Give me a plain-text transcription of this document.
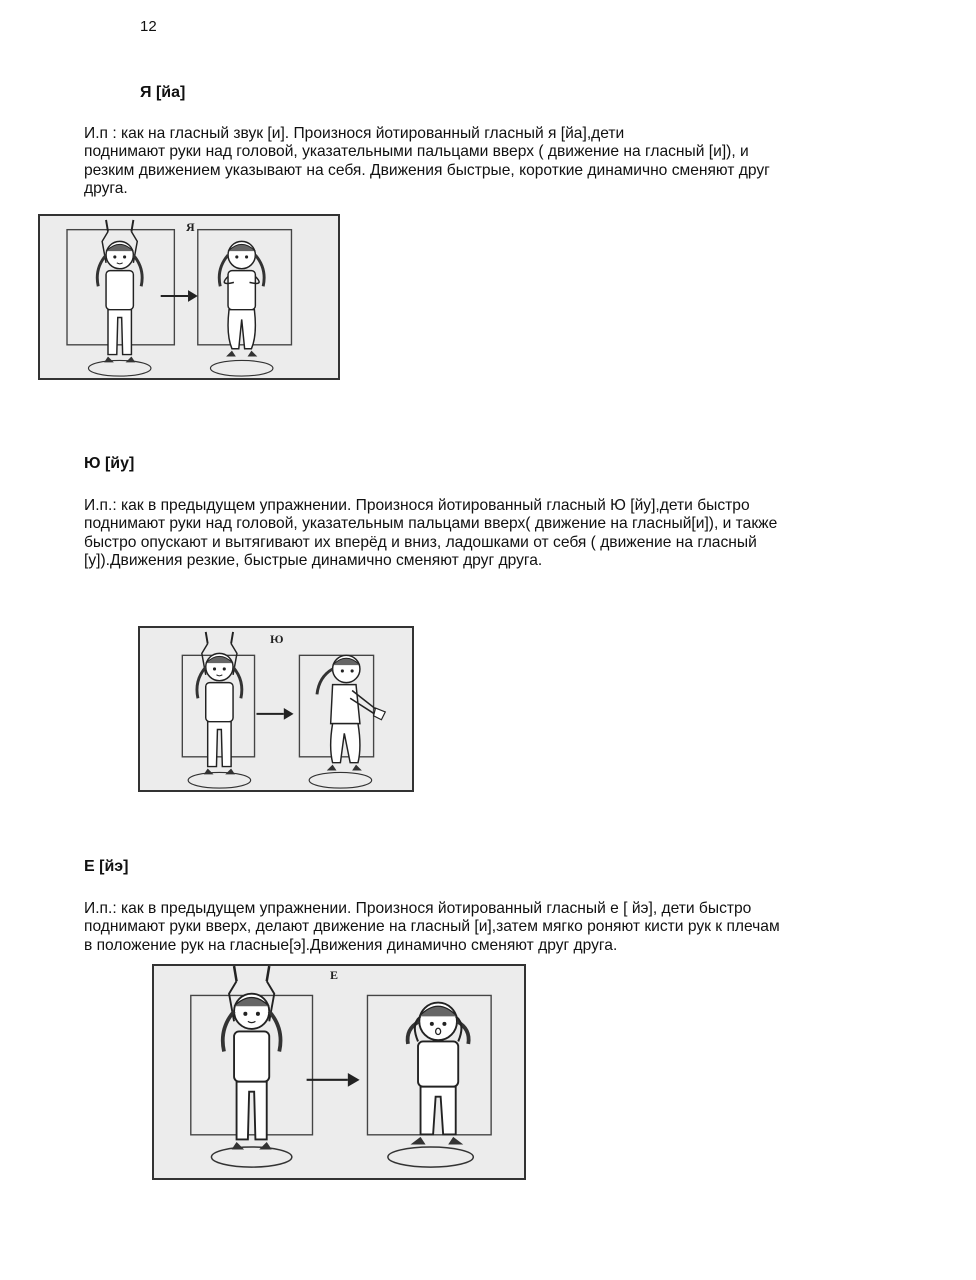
12
Я [йа]
И.п : как на гласный звук [и]. Произнося йотированный гласный я [йа],дети
поднимают руки над головой, указательными пальцами вверх ( движение на гласный [и]), и
резким движением указывают на себя. Движения быстрые, короткие динамично сменяют друг
друга.
Я
Ю [йу]
И.п.: как в предыдущем упражнении. Произнося йотированный гласный Ю [йу],дети быстро
поднимают руки над головой, указательным пальцами вверх( движение на гласный[и]), и также
быстро опускают и вытягивают их вперёд и вниз, ладошками от себя ( движение на гласный
[у]).Движения резкие, быстрые динамично сменяют друг друга.
Ю
Е [йэ]
И.п.: как в предыдущем упражнении. Произнося йотированный гласный е [ йэ], дети быстро
поднимают руки вверх, делают движение на гласный [и],затем мягко роняют кисти рук к плечам
в положение рук на гласные[э].Движения динамично сменяют друг друга.
Е
